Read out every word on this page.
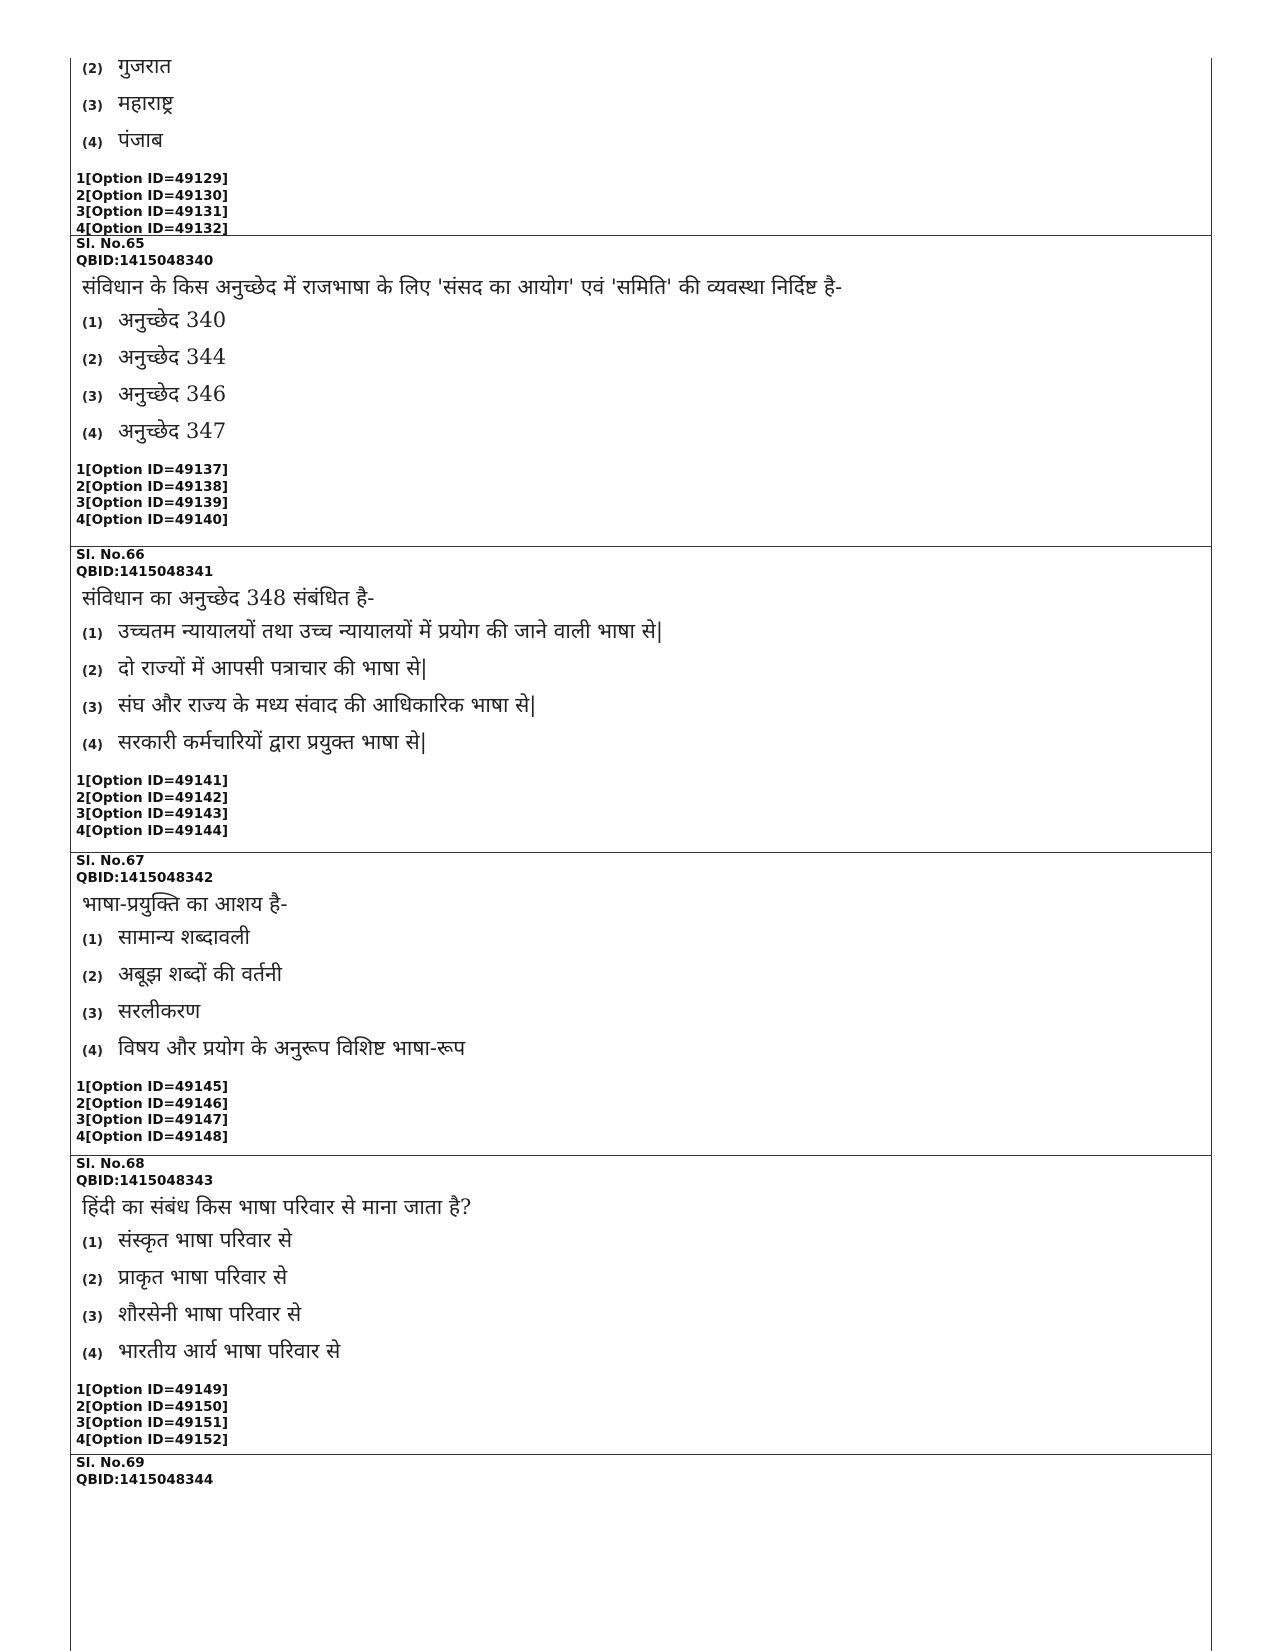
(2) गुजरात
(3) महाराष्ट्र
(4) पंजाब
1[Option ID=49129]
2[Option ID=49130]
3[Option ID=49131]
4[Option ID=49132]
Sl. No.65
QBID:1415048340
संविधान के किस अनुच्छेद में राजभाषा के लिए 'संसद का आयोग' एवं 'समिति' की व्यवस्था निर्दिष्ट है-
(1) अनुच्छेद 340
(2) अनुच्छेद 344
(3) अनुच्छेद 346
(4) अनुच्छेद 347
1[Option ID=49137]
2[Option ID=49138]
3[Option ID=49139]
4[Option ID=49140]
Sl. No.66
QBID:1415048341
संविधान का अनुच्छेद 348 संबंधित है-
(1) उच्चतम न्यायालयों तथा उच्च न्यायालयों में प्रयोग की जाने वाली भाषा से|
(2) दो राज्यों में आपसी पत्राचार की भाषा से|
(3) संघ और राज्य के मध्य संवाद की आधिकारिक भाषा से|
(4) सरकारी कर्मचारियों द्वारा प्रयुक्त भाषा से|
1[Option ID=49141]
2[Option ID=49142]
3[Option ID=49143]
4[Option ID=49144]
Sl. No.67
QBID:1415048342
भाषा-प्रयुक्ति का आशय है-
(1) सामान्य शब्दावली
(2) अबूझ शब्दों की वर्तनी
(3) सरलीकरण
(4) विषय और प्रयोग के अनुरूप विशिष्ट भाषा-रूप
1[Option ID=49145]
2[Option ID=49146]
3[Option ID=49147]
4[Option ID=49148]
Sl. No.68
QBID:1415048343
हिंदी का संबंध किस भाषा परिवार से माना जाता है?
(1) संस्कृत भाषा परिवार से
(2) प्राकृत भाषा परिवार से
(3) शौरसेनी भाषा परिवार से
(4) भारतीय आर्य भाषा परिवार से
1[Option ID=49149]
2[Option ID=49150]
3[Option ID=49151]
4[Option ID=49152]
Sl. No.69
QBID:1415048344
